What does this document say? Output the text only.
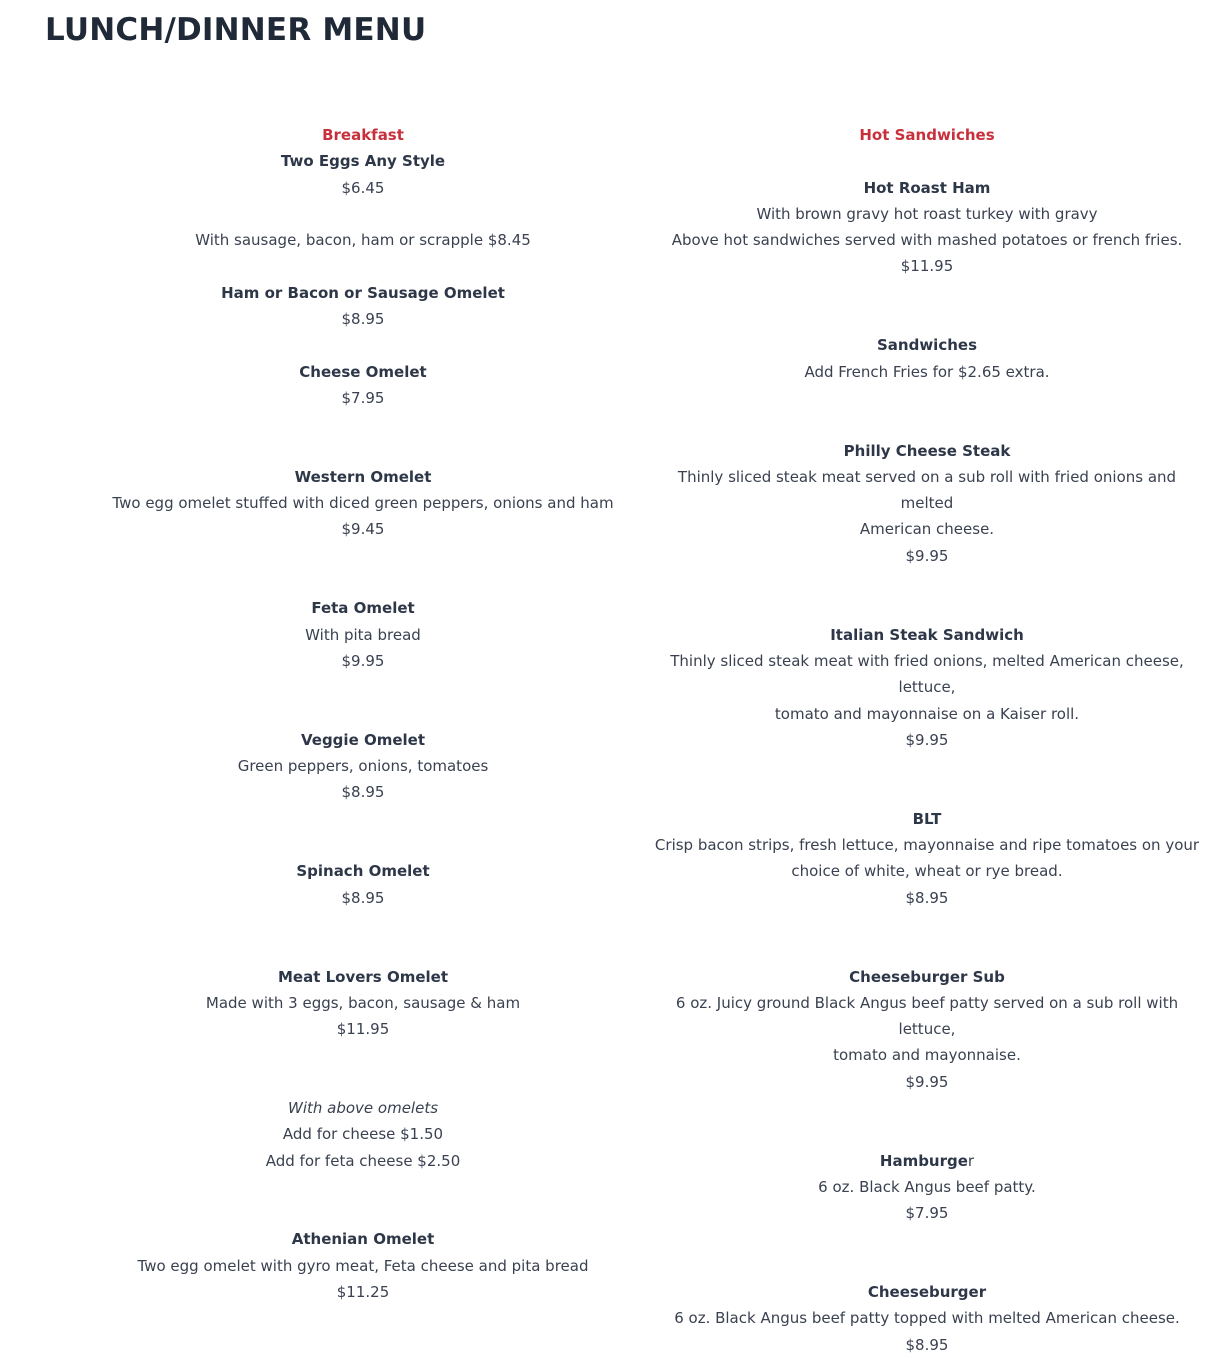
LUNCH/DINNER MENU
Breakfast
Two Eggs Any Style
$6.45
With sausage, bacon, ham or scrapple $8.45
Ham or Bacon or Sausage Omelet
$8.95
Cheese Omelet
$7.95
Western Omelet
Two egg omelet stuffed with diced green peppers, onions and ham
$9.45
Feta Omelet
With pita bread
$9.95
Veggie Omelet
Green peppers, onions, tomatoes
$8.95
Spinach Omelet
$8.95
Meat Lovers Omelet
Made with 3 eggs, bacon, sausage & ham
$11.95
With above omelets
Add for cheese $1.50
Add for feta cheese $2.50
Athenian Omelet
Two egg omelet with gyro meat, Feta cheese and pita bread
$11.25
Hot Sandwiches
Hot Roast Ham
With brown gravy hot roast turkey with gravy
Above hot sandwiches served with mashed potatoes or french fries.
$11.95
Sandwiches
Add French Fries for $2.65 extra.
Philly Cheese Steak
Thinly sliced steak meat served on a sub roll with fried onions and melted
American cheese.
$9.95
Italian Steak Sandwich
Thinly sliced steak meat with fried onions, melted American cheese, lettuce,
tomato and mayonnaise on a Kaiser roll.
$9.95
BLT
Crisp bacon strips, fresh lettuce, mayonnaise and ripe tomatoes on your
choice of white, wheat or rye bread.
$8.95
Cheeseburger Sub
6 oz. Juicy ground Black Angus beef patty served on a sub roll with lettuce,
tomato and mayonnaise.
$9.95
Hamburger
6 oz. Black Angus beef patty.
$7.95
Cheeseburger
6 oz. Black Angus beef patty topped with melted American cheese.
$8.95
